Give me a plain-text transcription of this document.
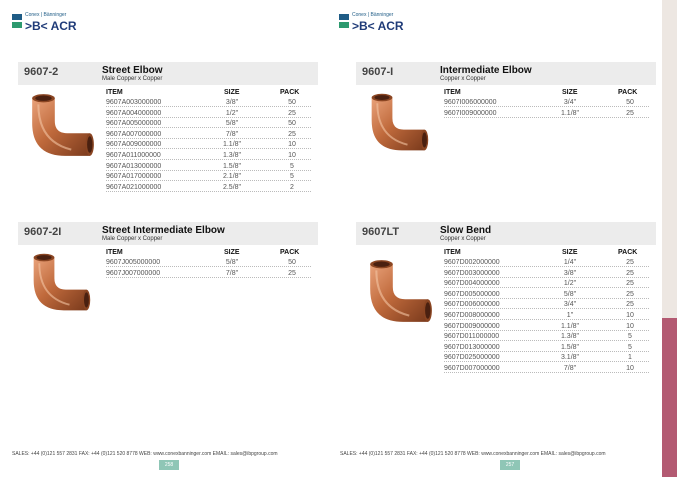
Conex | Bänninger
>B< ACR
9607-2	Street Elbow
Male Copper x Copper
ITEM	SIZE	PACK
9607A003000000	3/8"	50
9607A004000000	1/2"	25
9607A005000000	5/8"	50
9607A007000000	7/8"	25
9607A009000000	1.1/8"	10
9607A011000000	1.3/8"	10
9607A013000000	1.5/8"	5
9607A017000000	2.1/8"	5
9607A021000000	2.5/8"	2
9607-2I	Street Intermediate Elbow
Male Copper x Copper
ITEM	SIZE	PACK
9607J005000000	5/8"	50
9607J007000000	7/8"	25
SALES: +44 (0)121 557 2831 FAX: +44 (0)121 520 8778 WEB: www.conexbanninger.com EMAIL: sales@ibpgroup.com
258
Conex | Bänninger
>B< ACR
9607-I	Intermediate Elbow
Copper x Copper
ITEM	SIZE	PACK
9607I006000000	3/4"	50
9607I009000000	1.1/8"	25
9607LT	Slow Bend
Copper x Copper
ITEM	SIZE	PACK
9607D002000000	1/4"	25
9607D003000000	3/8"	25
9607D004000000	1/2"	25
9607D005000000	5/8"	25
9607D006000000	3/4"	25
9607D008000000	1"	10
9607D009000000	1.1/8"	10
9607D011000000	1.3/8"	5
9607D013000000	1.5/8"	5
9607D025000000	3.1/8"	1
9607D007000000	7/8"	10
SALES: +44 (0)121 557 2831 FAX: +44 (0)121 520 8778 WEB: www.conexbanninger.com EMAIL: sales@ibpgroup.com
257
